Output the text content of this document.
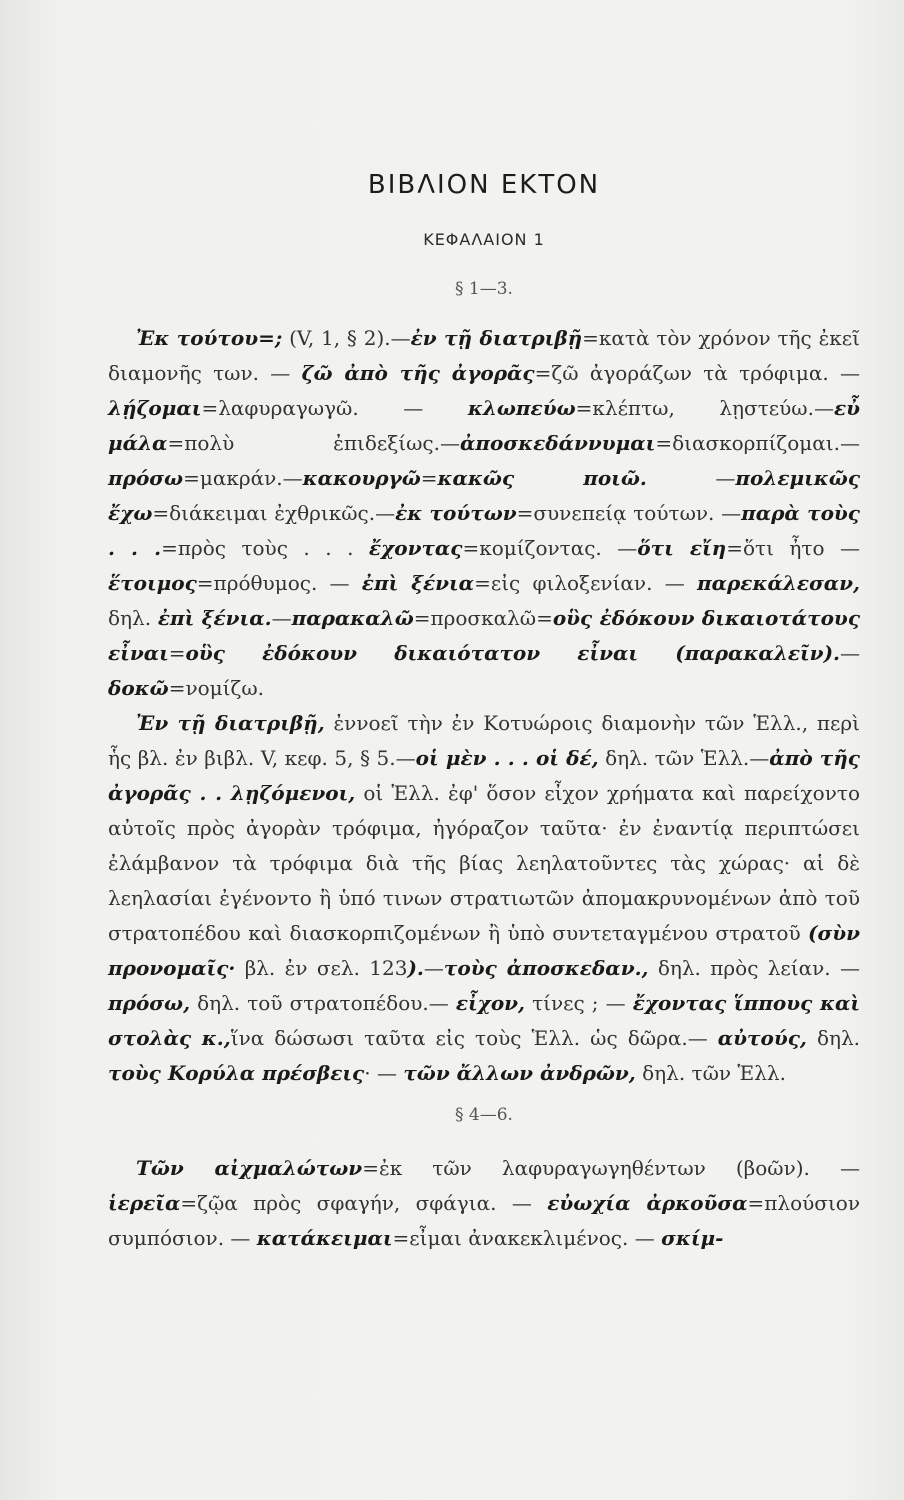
ΒΙΒΛΙΟΝ ΕΚΤΟΝ
ΚΕΦΑΛΑΙΟΝ 1
§ 1—3.

Ἐκ τούτου=; (V, 1, § 2).—ἐν τῇ διατριβῇ=κατὰ τὸν χρόνον τῆς ἐκεῖ διαμονῆς των. — ζῶ ἀπὸ τῆς ἀγορᾶς=ζῶ ἀγοράζων τὰ τρόφιμα. — λῄζομαι=λαφυραγωγῶ. — κλωπεύω=κλέπτω, λῃστεύω.—εὖ μάλα=πολὺ ἐπιδεξίως.—ἀποσκεδάννυμαι=διασκορπίζομαι.—πρόσω=μακράν.—κακουργῶ=κακῶς ποιῶ. —πολεμικῶς ἔχω=διάκειμαι ἐχθρικῶς.—ἐκ τούτων=συνεπείᾳ τούτων. —παρὰ τοὺς . . .=πρὸς τοὺς . . . ἔχοντας=κομίζοντας. —ὅτι εἴη=ὅτι ἦτο — ἕτοιμος=πρόθυμος. — ἐπὶ ξένια=εἰς φιλοξενίαν. — παρεκάλεσαν, δηλ. ἐπὶ ξένια.—παρακαλῶ=προσκαλῶ=οὓς ἐδόκουν δικαιοτάτους εἶναι=οὓς ἐδόκουν δικαιότατον εἶναι (παρακαλεῖν).—δοκῶ=νομίζω.

Ἐν τῇ διατριβῇ, ἐννοεῖ τὴν ἐν Κοτυώροις διαμονὴν τῶν Ἑλλ., περὶ ἧς βλ. ἐν βιβλ. V, κεφ. 5, § 5.—οἱ μὲν . . . οἱ δέ, δηλ. τῶν Ἑλλ.—ἀπὸ τῆς ἀγορᾶς . . λῃζόμενοι, οἱ Ἑλλ. ἐφ' ὅσον εἶχον χρήματα καὶ παρείχοντο αὐτοῖς πρὸς ἀγορὰν τρόφιμα, ἠγόραζον ταῦτα· ἐν ἐναντίᾳ περιπτώσει ἐλάμβανον τὰ τρόφιμα διὰ τῆς βίας λεηλατοῦντες τὰς χώρας· αἱ δὲ λεηλασίαι ἐγένοντο ἢ ὑπό τινων στρατιωτῶν ἀπομακρυνομένων ἀπὸ τοῦ στρατοπέδου καὶ διασκορπιζομένων ἢ ὑπὸ συντεταγμένου στρατοῦ (σὺν προνομαῖς· βλ. ἐν σελ. 123).—τοὺς ἀποσκεδαν., δηλ. πρὸς λείαν. — πρόσω, δηλ. τοῦ στρατοπέδου.— εἶχον, τίνες ; — ἔχοντας ἵππους καὶ στολὰς κ.,ἵνα δώσωσι ταῦτα εἰς τοὺς Ἑλλ. ὡς δῶρα.— αὐτούς, δηλ. τοὺς Κορύλα πρέσβεις· — τῶν ἄλλων ἀνδρῶν, δηλ. τῶν Ἑλλ.

§ 4—6.

Τῶν αἰχμαλώτων=ἐκ τῶν λαφυραγωγηθέντων (βοῶν). — ἱερεῖα=ζῷα πρὸς σφαγήν, σφάγια. — εὐωχία ἀρκοῦσα=πλούσιον συμπόσιον. — κατάκειμαι=εἶμαι ἀνακεκλιμένος. — σκίμ-
